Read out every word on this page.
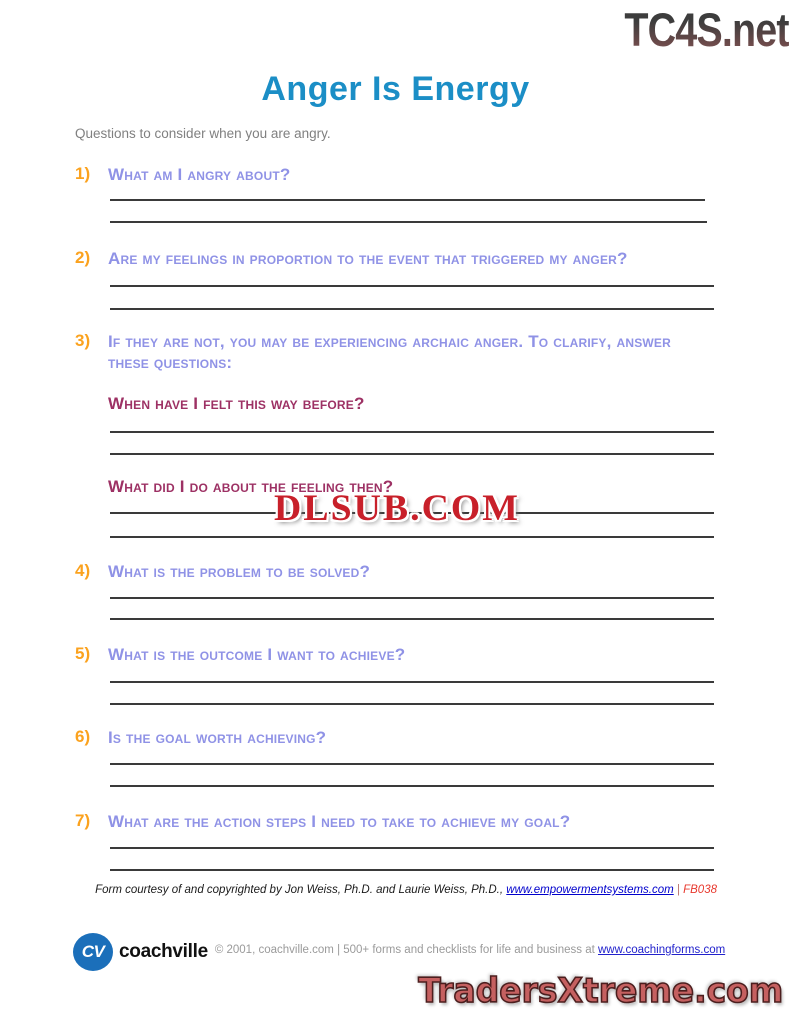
TC4S.net
Anger Is Energy
Questions to consider when you are angry.
1) What am I angry about?
2) Are my feelings in proportion to the event that triggered my anger?
3) If they are not, you may be experiencing archaic anger. To clarify, answer these questions:
When have I felt this way before?
What did I do about the feeling then?
DLSUB.COM
4) What is the problem to be solved?
5) What is the outcome I want to achieve?
6) Is the goal worth achieving?
7) What are the action steps I need to take to achieve my goal?
Form courtesy of and copyrighted by Jon Weiss, Ph.D. and Laurie Weiss, Ph.D., www.empowermentsystems.com | FB038
CV coachville © 2001, coachville.com | 500+ forms and checklists for life and business at www.coachingforms.com
TradersXtreme.com
